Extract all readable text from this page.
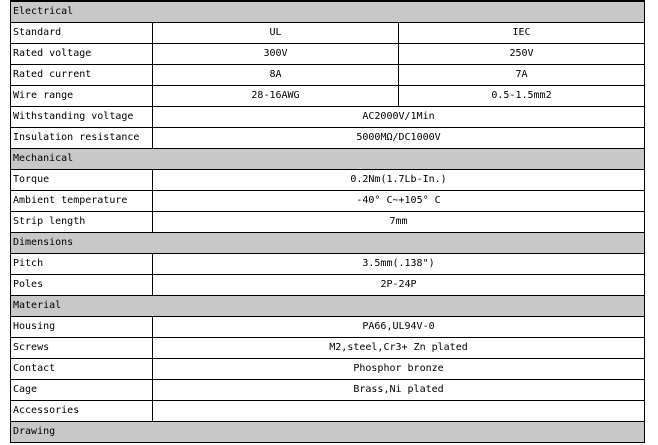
Electrical		
Standard	UL	IEC
Rated voltage	300V	250V
Rated current	8A	7A
Wire range	28-16AWG	0.5-1.5mm2
Withstanding voltage	AC2000V/1Min	
Insulation resistance	5000MΩ/DC1000V	
Mechanical		
Torque	0.2Nm(1.7Lb-In.)	
Ambient temperature	-40° C~+105° C	
Strip length	7mm	
Dimensions		
Pitch	3.5mm(.138")	
Poles	2P-24P	
Material		
Housing	PA66,UL94V-0	
Screws	M2,steel,Cr3+ Zn plated	
Contact	Phosphor bronze	
Cage	Brass,Ni plated	
Accessories		
Drawing		
